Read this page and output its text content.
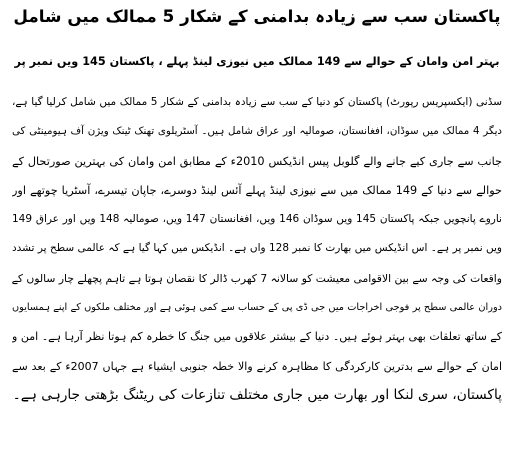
پاکستان سب سے زیادہ بدامنی کے شکار 5 ممالک میں شامل
بہتر امن وامان کے حوالے سے 149 ممالک میں نیوزی لینڈ پہلے ، پاکستان 145 ویں نمبر پر
سڈنی (ایکسپریس رپورٹ) پاکستان کو دنیا کے سب سے زیادہ بدامنی کے شکار 5 ممالک میں شامل کرلیا گیا ہے،
دیگر 4 ممالک میں سوڈان، افغانستان، صومالیہ اور عراق شامل ہیں۔ آسٹریلوی تھنک ٹینک ویژن آف ہیومینٹی کی
جانب سے جاری کیے جانے والے گلوبل پیس انڈیکس 2010ء کے مطابق امن وامان کی بہترین صورتحال کے
حوالے سے دنیا کے 149 ممالک میں سے نیوزی لینڈ پہلے آئس لینڈ دوسرے، جاپان تیسرے، آسٹریا چوتھے اور
ناروے پانچویں جبکہ پاکستان 145 ویں سوڈان 146 ویں، افغانستان 147 ویں، صومالیہ 148 ویں اور عراق 149
ویں نمبر پر ہے۔ اس انڈیکس میں بھارت کا نمبر 128 واں ہے۔ انڈیکس میں کہا گیا ہے کہ عالمی سطح پر تشدد
واقعات کی وجہ سے بین الاقوامی معیشت کو سالانہ 7 کھرب ڈالر کا نقصان ہوتا ہے تاہم پچھلے چار سالوں کے
دوران عالمی سطح پر فوجی اخراجات میں جی ڈی پی کے حساب سے کمی ہوئی ہے اور مختلف ملکوں کے اپنے ہمسایوں
کے ساتھ تعلقات بھی بہتر ہوئے ہیں۔ دنیا کے بیشتر علاقوں میں جنگ کا خطرہ کم ہوتا نظر آرہا ہے۔ امن و
امان کے حوالے سے بدترین کارکردگی کا مظاہرہ کرنے والا خطہ جنوبی ایشیاء ہے جہاں 2007ء کے بعد سے
پاکستان، سری لنکا اور بھارت میں جاری مختلف تنازعات کی ریٹنگ بڑھتی جارہی ہے۔
